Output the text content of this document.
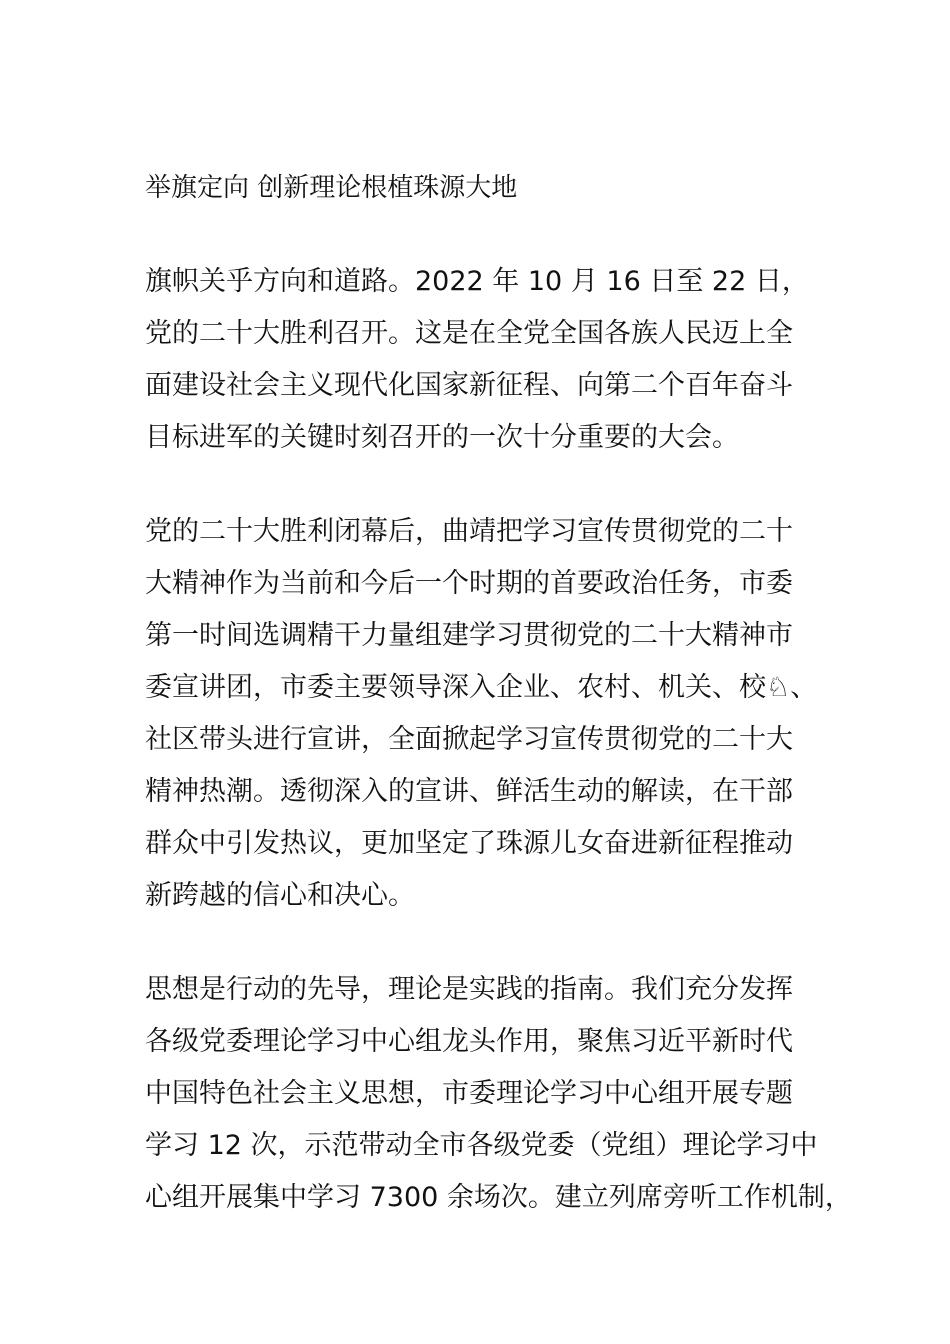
举旗定向 创新理论根植珠源大地
旗帜关乎方向和道路。2022 年 10 月 16 日至 22 日，
党的二十大胜利召开。这是在全党全国各族人民迈上全
面建设社会主义现代化国家新征程、向第二个百年奋斗
目标进军的关键时刻召开的一次十分重要的大会。
党的二十大胜利闭幕后，曲靖把学习宣传贯彻党的二十
大精神作为当前和今后一个时期的首要政治任务，市委
第一时间选调精干力量组建学习贯彻党的二十大精神市
委宣讲团，市委主要领导深入企业、农村、机关、校♘、
社区带头进行宣讲，全面掀起学习宣传贯彻党的二十大
精神热潮。透彻深入的宣讲、鲜活生动的解读，在干部
群众中引发热议，更加坚定了珠源儿女奋进新征程推动
新跨越的信心和决心。
思想是行动的先导，理论是实践的指南。我们充分发挥
各级党委理论学习中心组龙头作用，聚焦习近平新时代
中国特色社会主义思想，市委理论学习中心组开展专题
学习 12 次，示范带动全市各级党委（党组）理论学习中
心组开展集中学习 7300 余场次。建立列席旁听工作机制，
